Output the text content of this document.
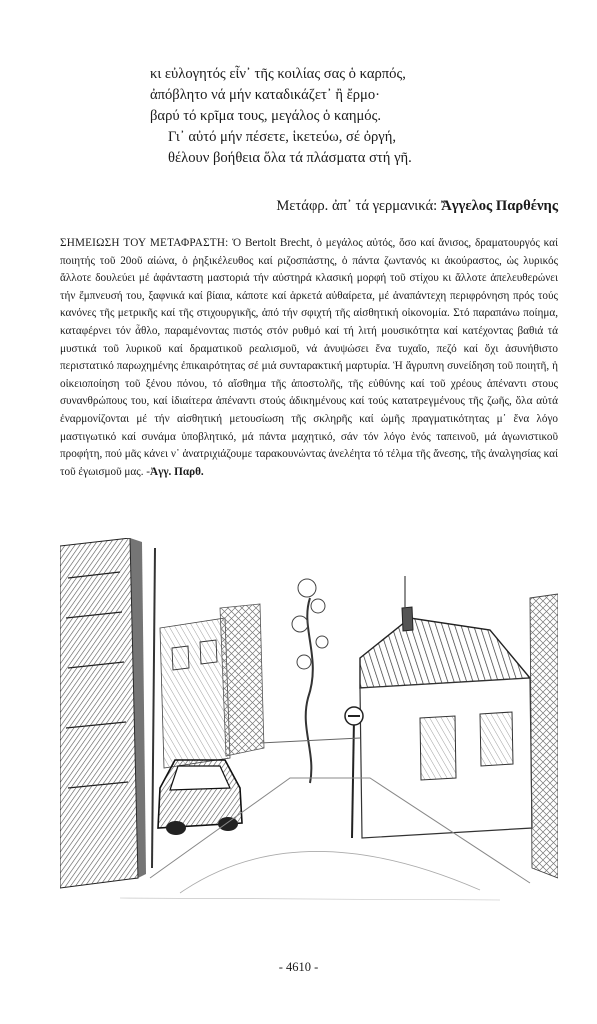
κι εὐλογητός εἶν᾿ τῆς κοιλίας σας ὁ καρπός,
ἀπόβλητο νά μήν καταδικάζετ᾿ ἢ ἔρμο·
βαρύ τό κρῖμα τους, μεγάλος ὁ καημός.
Γι᾿ αὐτό μήν πέσετε, ἱκετεύω, σέ ὀργή,
θέλουν βοήθεια ὅλα τά πλάσματα στή γῆ.
Μετάφρ. ἀπ᾿ τά γερμανικά: Ἄγγελος Παρθένης
ΣΗΜΕΙΩΣΗ ΤΟΥ ΜΕΤΑΦΡΑΣΤΗ: Ὁ Bertolt Brecht, ὁ μεγάλος αὐτός, ὅσο καί ἄνισος, δραματουργός καί ποιητής τοῦ 20οῦ αἰώνα, ὁ ῥηξικέλευθος καί ριζοσπάστης, ὁ πάντα ζωντανός κι ἀκούραστος, ὡς λυρικός ἄλλοτε δουλεύει μέ ἀφάνταστη μαστοριά τήν αὐστηρά κλασική μορφή τοῦ στίχου κι ἄλλοτε ἀπελευθερώνει τήν ἔμπνευσή του, ξαφνικά καί βίαια, κάποτε καί ἀρκετά αὐθαίρετα, μέ ἀναπάντεχη περιφρόνηση πρός τούς κανόνες τῆς μετρικῆς καί τῆς στιχουργικῆς, ἀπό τήν σφιχτή τῆς αἰσθητική οἰκονομία. Στό παραπάνω ποίημα, καταφέρνει τόν ἆθλο, παραμένοντας πιστός στόν ρυθμό καί τή λιτή μουσικότητα καί κατέχοντας βαθιά τά μυστικά τοῦ λυρικοῦ καί δραματικοῦ ρεαλισμοῦ, νά ἀνυψώσει ἕνα τυχαῖο, πεζό καί ὄχι ἀσυνήθιστο περιστατικό παρωχημένης ἐπικαιρότητας σέ μιά συνταρακτική μαρτυρία. Ἡ ἄγρυπνη συνείδηση τοῦ ποιητῆ, ἡ οἰκειοποίηση τοῦ ξένου πόνου, τό αἴσθημα τῆς ἀποστολῆς, τῆς εὐθύνης καί τοῦ χρέους ἀπέναντι στους συνανθρώπους του, καί ἰδιαίτερα ἀπέναντι στούς ἀδικημένους καί τούς κατατρεγμένους τῆς ζωῆς, ὅλα αὐτά ἐναρμονίζονται μέ τήν αἰσθητική μετουσίωση τῆς σκληρῆς καί ὠμῆς πραγματικότητας μ᾿ ἕνα λόγο μαστιγωτικό καί συνάμα ὑποβλητικό, μά πάντα μαχητικό, σάν τόν λόγο ἑνός ταπεινοῦ, μά ἀγωνιστικοῦ προφήτη, πού μᾶς κάνει ν᾿ ἀνατριχιάζουμε ταρακουνώντας ἀνελέητα τό τέλμα τῆς ἄνεσης, τῆς ἀναλγησίας καί τοῦ ἐγωισμοῦ μας. -Ἀγγ. Παρθ.
- 4610 -
